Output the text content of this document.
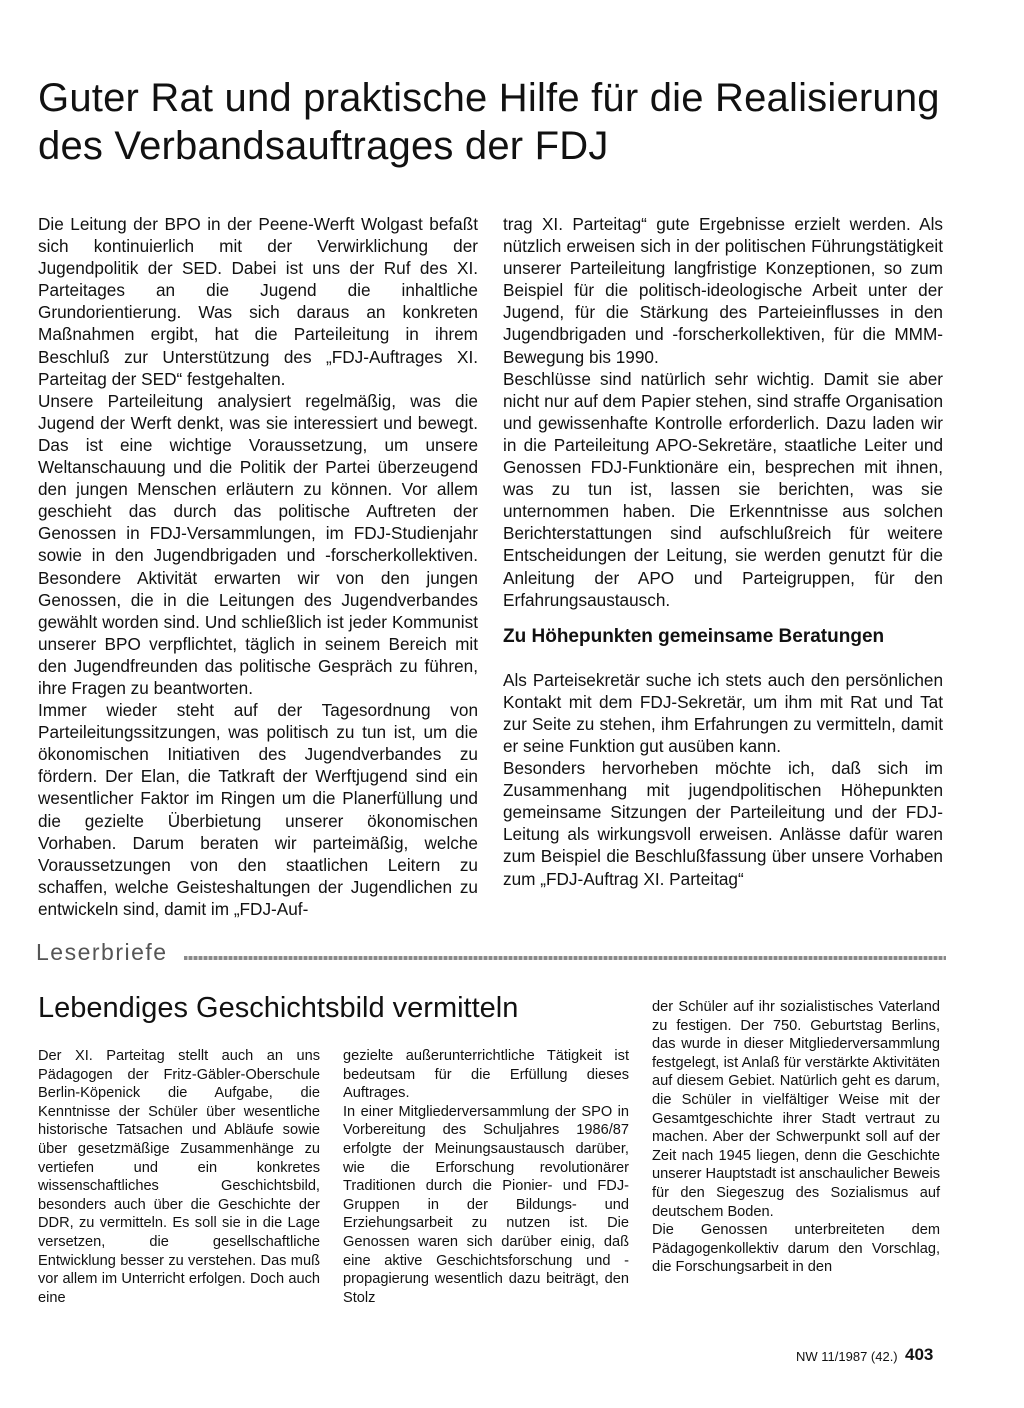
Guter Rat und praktische Hilfe für die Realisierung des Verbandsauftrages der FDJ

Die Leitung der BPO in der Peene-Werft Wolgast befaßt sich kontinuierlich mit der Verwirklichung der Jugendpolitik der SED. Dabei ist uns der Ruf des XI. Parteitages an die Jugend die inhaltliche Grundorientierung. Was sich daraus an konkreten Maßnahmen ergibt, hat die Parteileitung in ihrem Beschluß zur Unterstützung des „FDJ-Auftrages XI. Parteitag der SED“ festgehalten.

Unsere Parteileitung analysiert regelmäßig, was die Jugend der Werft denkt, was sie interessiert und bewegt. Das ist eine wichtige Voraussetzung, um unsere Weltanschauung und die Politik der Partei überzeugend den jungen Menschen erläutern zu können. Vor allem geschieht das durch das politische Auftreten der Genossen in FDJ-Versammlungen, im FDJ-Studienjahr sowie in den Jugendbrigaden und -forscherkollektiven. Besondere Aktivität erwarten wir von den jungen Genossen, die in die Leitungen des Jugendverbandes gewählt worden sind. Und schließlich ist jeder Kommunist unserer BPO verpflichtet, täglich in seinem Bereich mit den Jugendfreunden das politische Gespräch zu führen, ihre Fragen zu beantworten.

Immer wieder steht auf der Tagesordnung von Parteileitungssitzungen, was politisch zu tun ist, um die ökonomischen Initiativen des Jugendverbandes zu fördern. Der Elan, die Tatkraft der Werftjugend sind ein wesentlicher Faktor im Ringen um die Planerfüllung und die gezielte Überbietung unserer ökonomischen Vorhaben. Darum beraten wir parteimäßig, welche Voraussetzungen von den staatlichen Leitern zu schaffen, welche Geisteshaltungen der Jugendlichen zu entwickeln sind, damit im „FDJ-Auf-

trag XI. Parteitag“ gute Ergebnisse erzielt werden. Als nützlich erweisen sich in der politischen Führungstätigkeit unserer Parteileitung langfristige Konzeptionen, so zum Beispiel für die politisch-ideologische Arbeit unter der Jugend, für die Stärkung des Parteieinflusses in den Jugendbrigaden und -forscherkollektiven, für die MMM-Bewegung bis 1990.

Beschlüsse sind natürlich sehr wichtig. Damit sie aber nicht nur auf dem Papier stehen, sind straffe Organisation und gewissenhafte Kontrolle erforderlich. Dazu laden wir in die Parteileitung APO-Sekretäre, staatliche Leiter und Genossen FDJ-Funktionäre ein, besprechen mit ihnen, was zu tun ist, lassen sie berichten, was sie unternommen haben. Die Erkenntnisse aus solchen Berichterstattungen sind aufschlußreich für weitere Entscheidungen der Leitung, sie werden genutzt für die Anleitung der APO und Parteigruppen, für den Erfahrungsaustausch.

Zu Höhepunkten gemeinsame Beratungen

Als Parteisekretär suche ich stets auch den persönlichen Kontakt mit dem FDJ-Sekretär, um ihm mit Rat und Tat zur Seite zu stehen, ihm Erfahrungen zu vermitteln, damit er seine Funktion gut ausüben kann.

Besonders hervorheben möchte ich, daß sich im Zusammenhang mit jugendpolitischen Höhepunkten gemeinsame Sitzungen der Parteileitung und der FDJ-Leitung als wirkungsvoll erweisen. Anlässe dafür waren zum Beispiel die Beschlußfassung über unsere Vorhaben zum „FDJ-Auftrag XI. Parteitag“

Leserbriefe
Lebendiges Geschichtsbild vermitteln

Der XI. Parteitag stellt auch an uns Pädagogen der Fritz-Gäbler-Oberschule Berlin-Köpenick die Aufgabe, die Kenntnisse der Schüler über wesentliche historische Tatsachen und Abläufe sowie über gesetzmäßige Zusammenhänge zu vertiefen und ein konkretes wissenschaftliches Geschichtsbild, besonders auch über die Geschichte der DDR, zu vermitteln. Es soll sie in die Lage versetzen, die gesellschaftliche Entwicklung besser zu verstehen. Das muß vor allem im Unterricht erfolgen. Doch auch eine

gezielte außerunterrichtliche Tätigkeit ist bedeutsam für die Erfüllung dieses Auftrages.

In einer Mitgliederversammlung der SPO in Vorbereitung des Schuljahres 1986/87 erfolgte der Meinungsaustausch darüber, wie die Erforschung revolutionärer Traditionen durch die Pionier- und FDJ-Gruppen in der Bildungs- und Erziehungsarbeit zu nutzen ist. Die Genossen waren sich darüber einig, daß eine aktive Geschichtsforschung und -propagierung wesentlich dazu beiträgt, den Stolz

der Schüler auf ihr sozialistisches Vaterland zu festigen. Der 750. Geburtstag Berlins, das wurde in dieser Mitgliederversammlung festgelegt, ist Anlaß für verstärkte Aktivitäten auf diesem Gebiet. Natürlich geht es darum, die Schüler in vielfältiger Weise mit der Gesamtgeschichte ihrer Stadt vertraut zu machen. Aber der Schwerpunkt soll auf der Zeit nach 1945 liegen, denn die Geschichte unserer Hauptstadt ist anschaulicher Beweis für den Siegeszug des Sozialismus auf deutschem Boden.

Die Genossen unterbreiteten dem Pädagogenkollektiv darum den Vorschlag, die Forschungsarbeit in den

NW 11/1987 (42.) 403
